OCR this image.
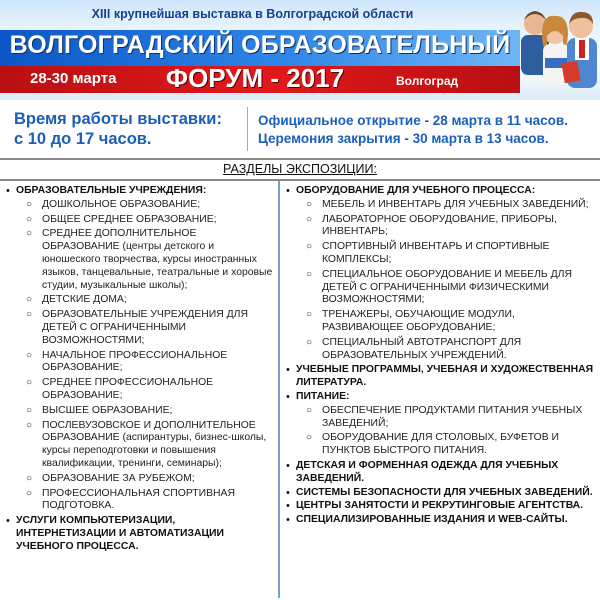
XIII крупнейшая выставка в Волгоградской области
ВОЛГОГРАДСКИЙ ОБРАЗОВАТЕЛЬНЫЙ
28-30 марта	ФОРУМ - 2017	Волгоград
Время работы выставки:
с 10 до 17 часов.
Официальное открытие - 28 марта в 11 часов.
Церемония закрытия - 30 марта в 13 часов.
РАЗДЕЛЫ ЭКСПОЗИЦИИ:
• ОБРАЗОВАТЕЛЬНЫЕ УЧРЕЖДЕНИЯ:
○ ДОШКОЛЬНОЕ ОБРАЗОВАНИЕ;
○ ОБЩЕЕ СРЕДНЕЕ ОБРАЗОВАНИЕ;
○ СРЕДНЕЕ ДОПОЛНИТЕЛЬНОЕ ОБРАЗОВАНИЕ (центры детского и юношеского творчества, курсы иностранных языков, танцевальные, театральные и хоровые студии, музыкальные школы);
○ ДЕТСКИЕ ДОМА;
○ ОБРАЗОВАТЕЛЬНЫЕ УЧРЕЖДЕНИЯ ДЛЯ ДЕТЕЙ С ОГРАНИЧЕННЫМИ ВОЗМОЖНОСТЯМИ;
○ НАЧАЛЬНОЕ ПРОФЕССИОНАЛЬНОЕ ОБРАЗОВАНИЕ;
○ СРЕДНЕЕ ПРОФЕССИОНАЛЬНОЕ ОБРАЗОВАНИЕ;
○ ВЫСШЕЕ ОБРАЗОВАНИЕ;
○ ПОСЛЕВУЗОВСКОЕ И ДОПОЛНИТЕЛЬНОЕ ОБРАЗОВАНИЕ (аспирантуры, бизнес-школы, курсы переподготовки и повышения квалификации, тренинги, семинары);
○ ОБРАЗОВАНИЕ ЗА РУБЕЖОМ;
○ ПРОФЕССИОНАЛЬНАЯ СПОРТИВНАЯ ПОДГОТОВКА.
• УСЛУГИ КОМПЬЮТЕРИЗАЦИИ, ИНТЕРНЕТИЗАЦИИ И АВТОМАТИЗАЦИИ УЧЕБНОГО ПРОЦЕССА.
• ОБОРУДОВАНИЕ ДЛЯ УЧЕБНОГО ПРОЦЕССА:
○ МЕБЕЛЬ И ИНВЕНТАРЬ ДЛЯ УЧЕБНЫХ ЗАВЕДЕНИЙ;
○ ЛАБОРАТОРНОЕ ОБОРУДОВАНИЕ, ПРИБОРЫ, ИНВЕНТАРЬ;
○ СПОРТИВНЫЙ ИНВЕНТАРЬ И СПОРТИВНЫЕ КОМПЛЕКСЫ;
○ СПЕЦИАЛЬНОЕ ОБОРУДОВАНИЕ И МЕБЕЛЬ ДЛЯ ДЕТЕЙ С ОГРАНИЧЕННЫМИ ФИЗИЧЕСКИМИ ВОЗМОЖНОСТЯМИ;
○ ТРЕНАЖЕРЫ, ОБУЧАЮЩИЕ МОДУЛИ, РАЗВИВАЮЩЕЕ ОБОРУДОВАНИЕ;
○ СПЕЦИАЛЬНЫЙ АВТОТРАНСПОРТ ДЛЯ ОБРАЗОВАТЕЛЬНЫХ УЧРЕЖДЕНИЙ.
• УЧЕБНЫЕ ПРОГРАММЫ, УЧЕБНАЯ И ХУДОЖЕСТВЕННАЯ ЛИТЕРАТУРА.
• ПИТАНИЕ:
○ ОБЕСПЕЧЕНИЕ ПРОДУКТАМИ ПИТАНИЯ УЧЕБНЫХ ЗАВЕДЕНИЙ;
○ ОБОРУДОВАНИЕ ДЛЯ СТОЛОВЫХ, БУФЕТОВ И ПУНКТОВ БЫСТРОГО ПИТАНИЯ.
• ДЕТСКАЯ И ФОРМЕННАЯ ОДЕЖДА ДЛЯ УЧЕБНЫХ ЗАВЕДЕНИЙ.
• СИСТЕМЫ БЕЗОПАСНОСТИ ДЛЯ УЧЕБНЫХ ЗАВЕДЕНИЙ.
• ЦЕНТРЫ ЗАНЯТОСТИ И РЕКРУТИНГОВЫЕ АГЕНТСТВА.
• СПЕЦИАЛИЗИРОВАННЫЕ ИЗДАНИЯ И WEB-САЙТЫ.
